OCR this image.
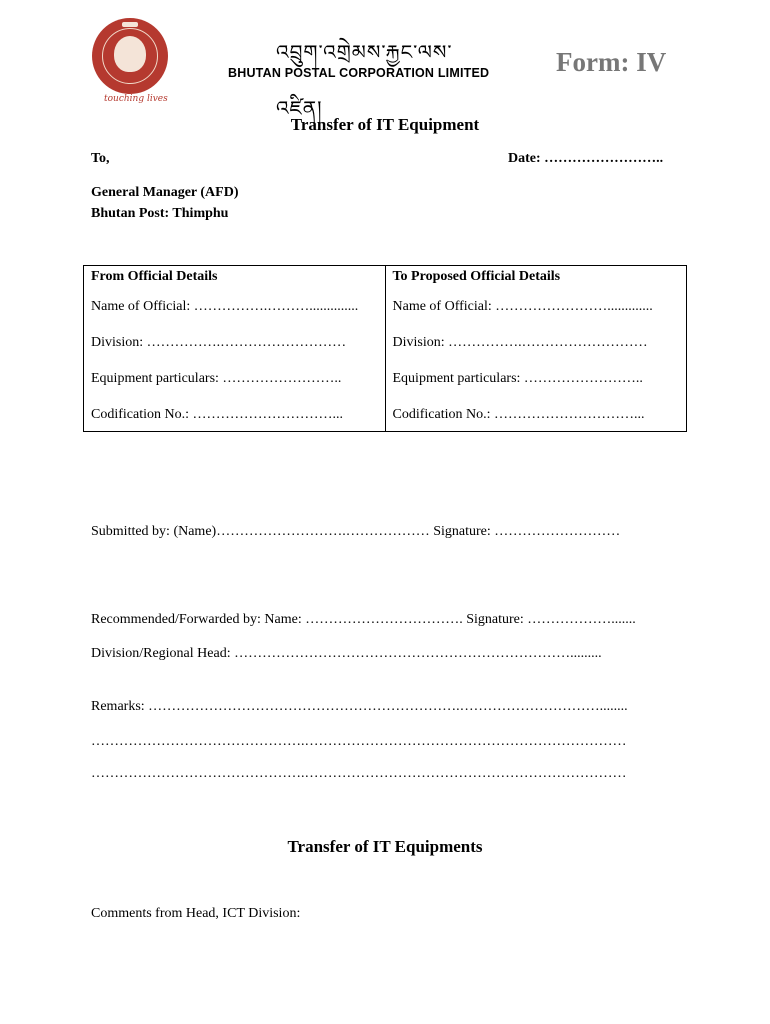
touching lives
འབྲུག་འགྲེམས་རྐྱང་ལས་འཛིན།
BHUTAN POSTAL CORPORATION LIMITED Form: IV
Transfer of IT Equipment
To,	Date: ……………………..
General Manager (AFD)
Bhutan Post: Thimphu
From Official Details	To Proposed Official Details
Name of Official: …………….………..............	Name of Official: …………………….............
Division: …………….………………………	Division: …………….………………………
Equipment particulars: ……………………..	Equipment particulars: ……………………..
Codification No.: …………………………...	Codification No.: …………………………...
Submitted by: (Name)……………………….……………… Signature: ………………………
Recommended/Forwarded by: Name: ……………………………. Signature: ……………….......
Division/Regional Head: ……………………………………………………………….........
Remarks: ………………………………………………………….…………………………........
……………………………………….……………………………………………………………
……………………………………….……………………………………………………………
Transfer of IT Equipments
Comments from Head, ICT Division:
